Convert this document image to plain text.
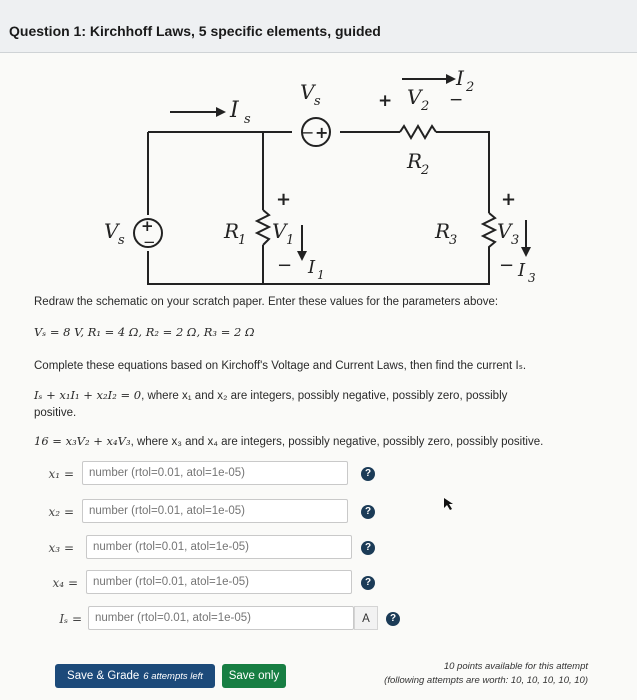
Question 1: Kirchhoff Laws, 5 specific elements, guided
− +
+
−
I s
V s
I 2
+ V 2 −
R
2
V s	R
1
+
V 1
− I 1
R
3
+
V 3
− I 3
Redraw the schematic on your scratch paper. Enter these values for the parameters above:
Vₛ = 8 V, R₁ = 4 Ω, R₂ = 2 Ω, R₃ = 2 Ω
Complete these equations based on Kirchoff's Voltage and Current Laws, then find the current Iₛ.
Iₛ + x₁I₁ + x₂I₂ = 0, where x₁ and x₂ are integers, possibly negative, possibly zero, possibly
positive.
16 = x₃V₂ + x₄V₃, where x₃ and x₄ are integers, possibly negative, possibly zero, possibly positive.
x₁ =
number (rtol=0.01, atol=1e-05)	?
x₂ =
number (rtol=0.01, atol=1e-05)	?
x₃ =
number (rtol=0.01, atol=1e-05)	?
x₄ =
number (rtol=0.01, atol=1e-05)	?
Iₛ =
number (rtol=0.01, atol=1e-05)	A	?
Save & Grade 6 attempts left	Save only
10 points available for this attempt
(following attempts are worth: 10, 10, 10, 10, 10)
